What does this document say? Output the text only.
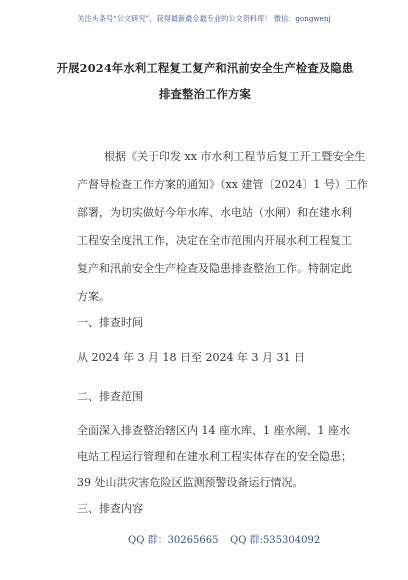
关注头条号“公文研究”，获得最新最全最专业的公文资料库！ 微信：gongwenj
开展2024年水利工程复工复产和汛前安全生产检查及隐患
排查整治工作方案
根据《关于印发 xx 市水利工程节后复工开工暨安全生
产督导检查工作方案的通知》（xx 建管〔2024〕1 号）工作
部署，为切实做好今年水库、水电站（水闸）和在建水利
工程安全度汛工作，决定在全市范围内开展水利工程复工
复产和汛前安全生产检查及隐患排查整治工作。特制定此
方案。
一、排查时间
从 2024 年 3 月 18 日至 2024 年 3 月 31 日
二、排查范围
全面深入排查整治辖区内 14 座水库、1 座水闸、1 座水
电站工程运行管理和在建水利工程实体存在的安全隐患；
39 处山洪灾害危险区监测预警设备运行情况。
三、排查内容
QQ 群：30265665 QQ 群:535304092
